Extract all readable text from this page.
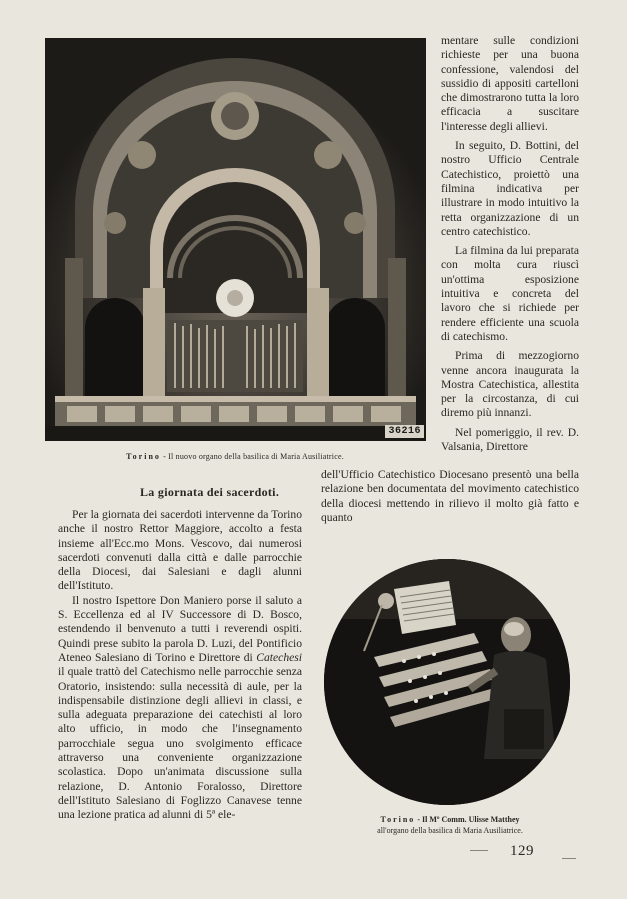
36216
Torino - Il nuovo organo della basilica di Maria Ausiliatrice.

mentare sulle condizioni richieste per una buona confessione, valendosi del sussidio di appositi cartelloni che dimostrarono tutta la loro efficacia a suscitare l'interesse degli allievi.

In seguito, D. Bottini, del nostro Ufficio Centrale Catechistico, proiettò una filmina indicativa per illustrare in modo intuitivo la retta organizzazione di un centro catechistico.

La filmina da lui preparata con molta cura riuscì un'ottima esposizione intuitiva e concreta del lavoro che si richiede per rendere efficiente una scuola di catechismo.

Prima di mezzogiorno venne ancora inaugurata la Mostra Catechistica, allestita per la circostanza, di cui diremo più innanzi.

Nel pomeriggio, il rev. D. Valsania, Direttore

La giornata dei sacerdoti.

dell'Ufficio Catechistico Diocesano presentò una bella relazione ben documentata del movimento catechistico della diocesi mettendo in rilievo il molto già fatto e quanto

Per la giornata dei sacerdoti intervenne da Torino anche il nostro Rettor Maggiore, accolto a festa insieme all'Ecc.mo Mons. Vescovo, dai numerosi sacerdoti convenuti dalla città e dalle parrocchie della Diocesi, dai Salesiani e dagli alunni dell'Istituto.

Il nostro Ispettore Don Maniero porse il saluto a S. Eccellenza ed al IV Successore di D. Bosco, estendendo il benvenuto a tutti i reverendi ospiti. Quindi prese subito la parola D. Luzi, del Pontificio Ateneo Salesiano di Torino e Direttore di Catechesi il quale trattò del Catechismo nelle parrocchie senza Oratorio, insistendo: sulla necessità di aule, per la indispensabile distinzione degli allievi in classi, e sulla adeguata preparazione dei catechisti al loro alto ufficio, in modo che l'insegnamento parrocchiale segua uno svolgimento efficace attraverso una conveniente organizzazione scolastica. Dopo un'animata discussione sulla relazione, D. Antonio Foralosso, Direttore dell'Istituto Salesiano di Foglizzo Canavese tenne una lezione pratica ad alunni di 5ª ele-	Torino - Il Mº Comm. Ulisse Matthey
all'organo della basilica di Maria Ausiliatrice.
129
